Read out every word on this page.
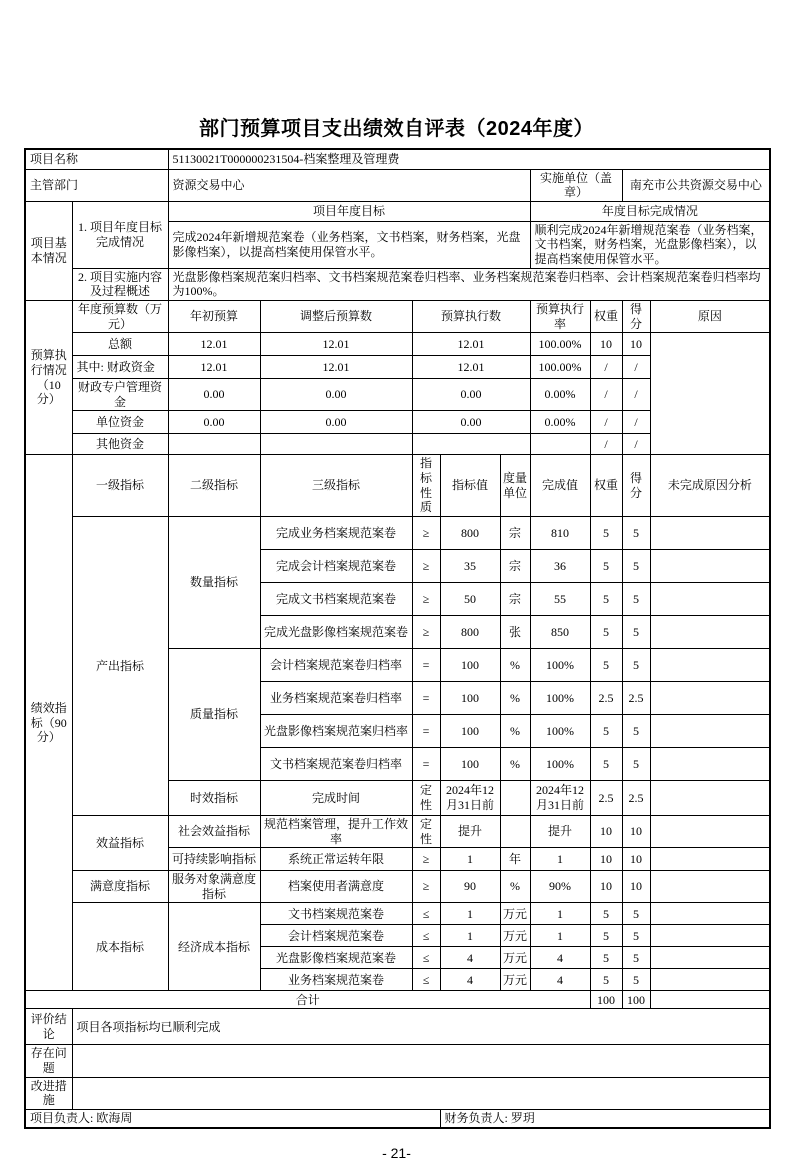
部门预算项目支出绩效自评表（2024年度）
项目名称		51130021T000000231504-档案整理及管理费								
主管部门		资源交易中心					实施单位（盖章）		南充市公共资源交易中心	
项目基本情况	1. 项目年度目标完成情况	项目年度目标					年度目标完成情况			
		完成2024年新增规范案卷（业务档案，文书档案，财务档案，光盘影像档案），以提高档案使用保管水平。					顺利完成2024年新增规范案卷（业务档案，文书档案，财务档案，光盘影像档案），以提高档案使用保管水平。			
	2. 项目实施内容及过程概述	光盘影像档案规范案归档率、文书档案规范案卷归档率、业务档案规范案卷归档率、会计档案规范案卷归档率均为100%。								
预算执行情况（10分）	年度预算数（万元）	年初预算	调整后预算数	预算执行数			预算执行率	权重	得分	原因
	总额	12.01	12.01	12.01			100.00%	10	10	
	其中: 财政资金	12.01	12.01	12.01			100.00%	/	/	
	财政专户管理资金	0.00	0.00	0.00			0.00%	/	/	
	单位资金	0.00	0.00	0.00			0.00%	/	/	
	其他资金							/	/	
绩效指标（90分）	一级指标	二级指标	三级指标	指标性质	指标值	度量单位	完成值	权重	得分	未完成原因分析
	产出指标	数量指标	完成业务档案规范案卷	≥	800	宗	810	5	5	
			完成会计档案规范案卷	≥	35	宗	36	5	5	
			完成文书档案规范案卷	≥	50	宗	55	5	5	
			完成光盘影像档案规范案卷	≥	800	张	850	5	5	
		质量指标	会计档案规范案卷归档率	=	100	%	100%	5	5	
			业务档案规范案卷归档率	=	100	%	100%	2.5	2.5	
			光盘影像档案规范案归档率	=	100	%	100%	5	5	
			文书档案规范案卷归档率	=	100	%	100%	5	5	
		时效指标	完成时间	定性	2024年12月31日前		2024年12月31日前	2.5	2.5	
	效益指标	社会效益指标	规范档案管理，提升工作效率	定性	提升		提升	10	10	
		可持续影响指标	系统正常运转年限	≥	1	年	1	10	10	
	满意度指标	服务对象满意度指标	档案使用者满意度	≥	90	%	90%	10	10	
	成本指标	经济成本指标	文书档案规范案卷	≤	1	万元	1	5	5	
			会计档案规范案卷	≤	1	万元	1	5	5	
			光盘影像档案规范案卷	≤	4	万元	4	5	5	
			业务档案规范案卷	≤	4	万元	4	5	5	
合计								100	100	
评价结论	项目各项指标均已顺利完成									
存在问题										
改进措施										
项目负责人: 欧海周					财务负责人: 罗玥					
- 21-
